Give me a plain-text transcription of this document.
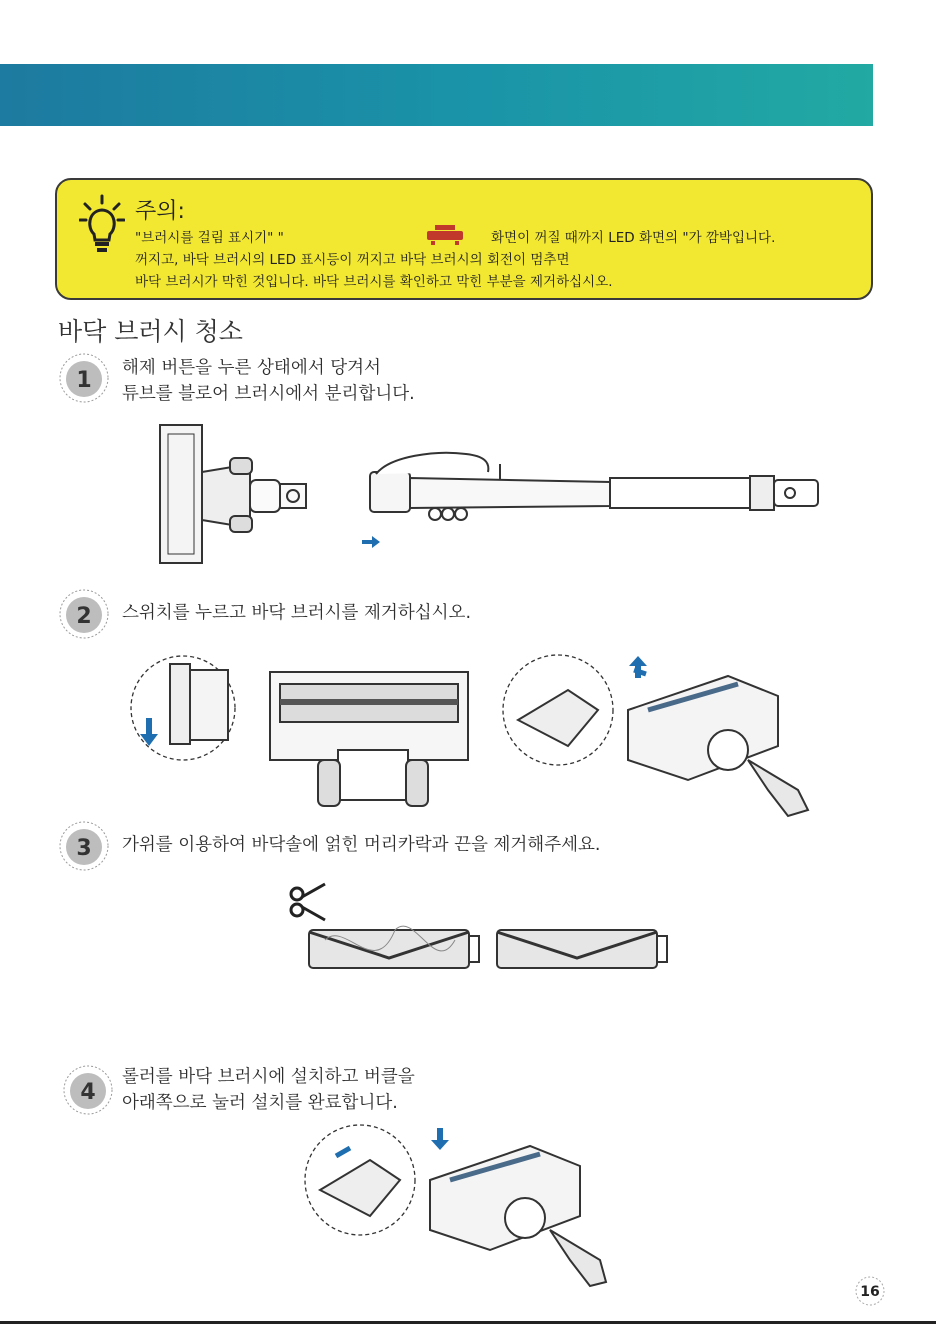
주의:
"브러시를 걸림 표시기" "	화면이 꺼질 때까지 LED 화면의 "가 깜박입니다.
꺼지고, 바닥 브러시의 LED 표시등이 꺼지고 바닥 브러시의 회전이 멈추면
바닥 브러시가 막힌 것입니다. 바닥 브러시를 확인하고 막힌 부분을 제거하십시오.
바닥 브러시 청소
1 해제 버튼을 누른 상태에서 당겨서
튜브를 블로어 브러시에서 분리합니다.
2 스위치를 누르고 바닥 브러시를 제거하십시오.
3 가위를 이용하여 바닥솔에 얽힌 머리카락과 끈을 제거해주세요.
4
롤러를 바닥 브러시에 설치하고 버클을
아래쪽으로 눌러 설치를 완료합니다.
16
